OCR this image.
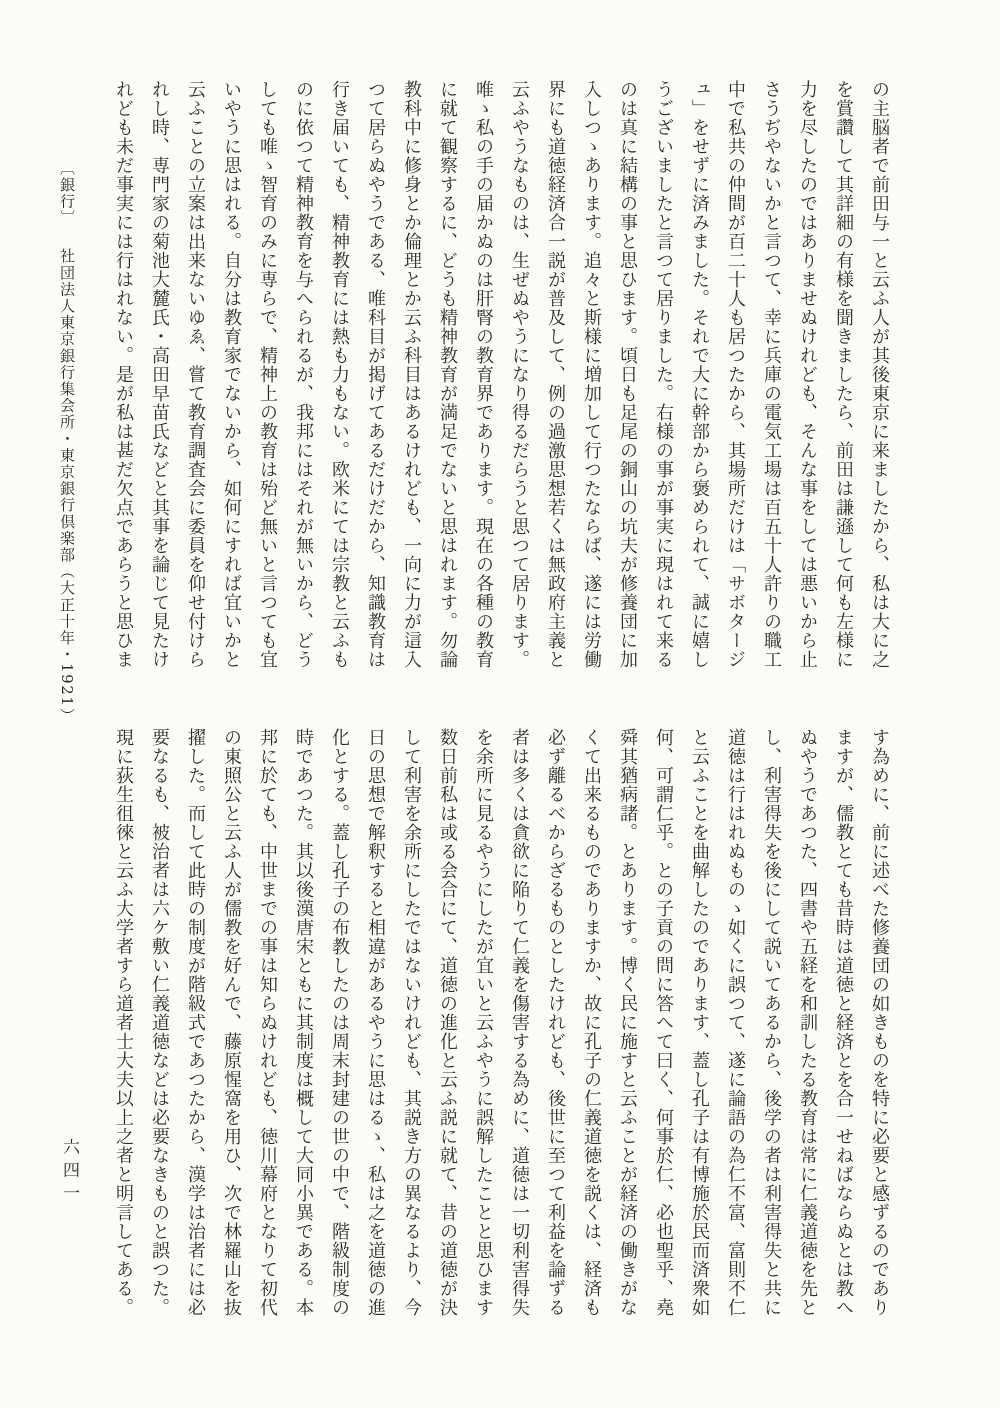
の主脳者で前田与一と云ふ人が其後東京に来ましたから、私は大に之
を賞讚して其詳細の有様を聞きましたら、前田は謙遜して何も左様に
力を尽したのではありませぬけれども、そんな事をしては悪いから止
さうぢやないかと言つて、幸に兵庫の電気工場は百五十人許りの職工
中で私共の仲間が百二十人も居つたから、其場所だけは「サボタージ
ュ」をせずに済みました。それで大に幹部から褒められて、誠に嬉し
うございましたと言つて居りました。右様の事が事実に現はれて来る
のは真に結構の事と思ひます。頃日も足尾の銅山の坑夫が修養団に加
入しつゝあります。追々と斯様に増加して行つたならば、遂には労働
界にも道徳経済合一説が普及して、例の過激思想若くは無政府主義と
云ふやうなものは、生ぜぬやうになり得るだらうと思つて居ります。
唯ゝ私の手の届かぬのは肝腎の教育界であります。現在の各種の教育
に就て観察するに、どうも精神教育が満足でないと思はれます。勿論
教科中に修身とか倫理とか云ふ科目はあるけれども、一向に力が這入
つて居らぬやうである、唯科目が掲げてあるだけだから、知識教育は
行き届いても、精神教育には熱も力もない。欧米にては宗教と云ふも
のに依つて精神教育を与へられるが、我邦にはそれが無いから、どう
しても唯ゝ智育のみに専らで、精神上の教育は殆ど無いと言つても宜
いやうに思はれる。自分は教育家でないから、如何にすれば宜いかと
云ふことの立案は出来ないゆゑ、嘗て教育調査会に委員を仰せ付けら
れし時、専門家の菊池大麓氏・高田早苗氏などと其事を論じて見たけ
れども未だ事実には行はれない。是が私は甚だ欠点であらうと思ひま
〔銀行〕社団法人東京銀行集会所・東京銀行倶楽部（大正十年・1921）
す為めに、前に述べた修養団の如きものを特に必要と感ずるのであり
ますが、儒教とても昔時は道徳と経済とを合一せねばならぬとは教へ
ぬやうであつた、四書や五経を和訓したる教育は常に仁義道徳を先と
し、利害得失を後にして説いてあるから、後学の者は利害得失と共に
道徳は行はれぬものゝ如くに誤つて、遂に論語の為仁不富、富則不仁
と云ふことを曲解したのであります、蓋し孔子は有博施於民而済衆如
何、可謂仁乎。との子貢の問に答へて曰く、何事於仁、必也聖乎、堯
舜其猶病諸。とあります。博く民に施すと云ふことが経済の働きがな
くて出来るものでありますか、故に孔子の仁義道徳を説くは、経済も
必ず離るべからざるものとしたけれども、後世に至つて利益を論ずる
者は多くは貪欲に陥りて仁義を傷害する為めに、道徳は一切利害得失
を余所に見るやうにしたが宜いと云ふやうに誤解したことと思ひます
数日前私は或る会合にて、道徳の進化と云ふ説に就て、昔の道徳が決
して利害を余所にしたではないけれども、其説き方の異なるより、今
日の思想で解釈すると相違があるやうに思はるゝ、私は之を道徳の進
化とする。蓋し孔子の布教したのは周末封建の世の中で、階級制度の
時であつた。其以後漢唐宋ともに其制度は概して大同小異である。本
邦に於ても、中世までの事は知らぬけれども、徳川幕府となりて初代
の東照公と云ふ人が儒教を好んで、藤原惺窩を用ひ、次で林羅山を抜
擢した。而して此時の制度が階級式であつたから、漢学は治者には必
要なるも、被治者は六ケ敷い仁義道徳などは必要なきものと誤つた。
現に荻生徂徠と云ふ大学者すら道者士大夫以上之者と明言してある。
六四一
